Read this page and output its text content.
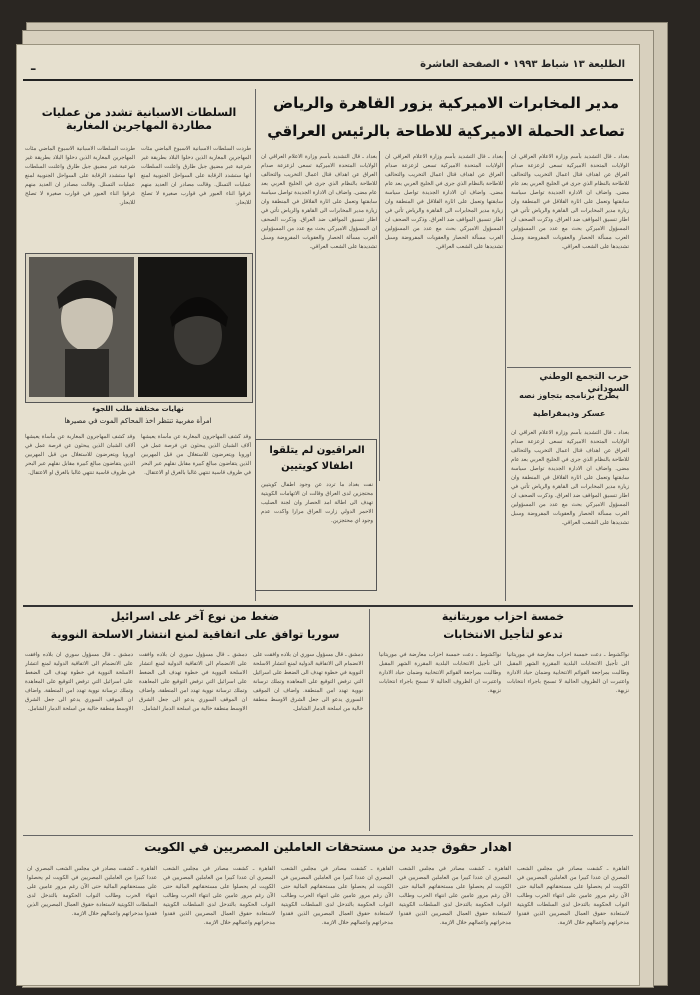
الطليعة ١٣ شباط ١٩٩٣ • الصفحة العاشرة
ـ
مدير المخابرات الاميركية يزور القاهرة والرياض
تصاعد الحملة الاميركية للاطاحة بالرئيس العراقي
بغداد ـ قال التشديد بأسم وزارة الاعلام العراقي ان الولايات المتحدة الاميركية تسعى لزعزعة صدام العراق عن اهداف قتال اعمال التخريب والتحالف للاطاحة بالنظام الذي جرى في الخليج العربي بعد عام مضى. واضاف ان الادارة الجديدة تواصل سياسة سابقتها وتعمل على اثارة القلاقل في المنطقة وان زيارة مدير المخابرات الى القاهرة والرياض تأتي في اطار تنسيق المواقف ضد العراق. وذكرت الصحف ان المسؤول الاميركي بحث مع عدد من المسؤولين العرب مسألة الحصار والعقوبات المفروضة وسبل تشديدها على الشعب العراقي.
بغداد ـ قال التشديد بأسم وزارة الاعلام العراقي ان الولايات المتحدة الاميركية تسعى لزعزعة صدام العراق عن اهداف قتال اعمال التخريب والتحالف للاطاحة بالنظام الذي جرى في الخليج العربي بعد عام مضى. واضاف ان الادارة الجديدة تواصل سياسة سابقتها وتعمل على اثارة القلاقل في المنطقة وان زيارة مدير المخابرات الى القاهرة والرياض تأتي في اطار تنسيق المواقف ضد العراق. وذكرت الصحف ان المسؤول الاميركي بحث مع عدد من المسؤولين العرب مسألة الحصار والعقوبات المفروضة وسبل تشديدها على الشعب العراقي.
بغداد ـ قال التشديد بأسم وزارة الاعلام العراقي ان الولايات المتحدة الاميركية تسعى لزعزعة صدام العراق عن اهداف قتال اعمال التخريب والتحالف للاطاحة بالنظام الذي جرى في الخليج العربي بعد عام مضى. واضاف ان الادارة الجديدة تواصل سياسة سابقتها وتعمل على اثارة القلاقل في المنطقة وان زيارة مدير المخابرات الى القاهرة والرياض تأتي في اطار تنسيق المواقف ضد العراق. وذكرت الصحف ان المسؤول الاميركي بحث مع عدد من المسؤولين العرب مسألة الحصار والعقوبات المفروضة وسبل تشديدها على الشعب العراقي.
حرب التجمع الوطني السوداني
يطرح برنامجه بتجاوز نصه
عسكر وديمقراطية
بغداد ـ قال التشديد بأسم وزارة الاعلام العراقي ان الولايات المتحدة الاميركية تسعى لزعزعة صدام العراق عن اهداف قتال اعمال التخريب والتحالف للاطاحة بالنظام الذي جرى في الخليج العربي بعد عام مضى. واضاف ان الادارة الجديدة تواصل سياسة سابقتها وتعمل على اثارة القلاقل في المنطقة وان زيارة مدير المخابرات الى القاهرة والرياض تأتي في اطار تنسيق المواقف ضد العراق. وذكرت الصحف ان المسؤول الاميركي بحث مع عدد من المسؤولين العرب مسألة الحصار والعقوبات المفروضة وسبل تشديدها على الشعب العراقي.
السلطات الاسبانية تشدد من عمليات مطاردة المهاجرين المغاربة
طردت السلطات الاسبانية الاسبوع الماضي مئات المهاجرين المغاربة الذين دخلوا البلاد بطريقة غير شرعية عبر مضيق جبل طارق واعلنت السلطات انها ستشدد الرقابة على السواحل الجنوبية لمنع عمليات التسلل. وقالت مصادر ان العديد منهم غرقوا اثناء العبور في قوارب صغيرة لا تصلح للابحار.
طردت السلطات الاسبانية الاسبوع الماضي مئات المهاجرين المغاربة الذين دخلوا البلاد بطريقة غير شرعية عبر مضيق جبل طارق واعلنت السلطات انها ستشدد الرقابة على السواحل الجنوبية لمنع عمليات التسلل. وقالت مصادر ان العديد منهم غرقوا اثناء العبور في قوارب صغيرة لا تصلح للابحار.
نهايات مختلفة طلب اللجوء
امرأة مغربية تنتظر اخذ المحاكم الموت في مصيرها
وقد كشف المهاجرون المغاربة عن مأساة يعيشها آلاف الشبان الذين يبحثون عن فرصة عمل في اوروبا ويتعرضون للاستغلال من قبل المهربين الذين يتقاضون مبالغ كبيرة مقابل نقلهم عبر البحر في ظروف قاسية تنتهي غالبا بالغرق او الاعتقال.
وقد كشف المهاجرون المغاربة عن مأساة يعيشها آلاف الشبان الذين يبحثون عن فرصة عمل في اوروبا ويتعرضون للاستغلال من قبل المهربين الذين يتقاضون مبالغ كبيرة مقابل نقلهم عبر البحر في ظروف قاسية تنتهي غالبا بالغرق او الاعتقال.
العراقيون لم يتلقوا
اطفالا كويتيين
نفت بغداد ما تردد عن وجود اطفال كويتيين محتجزين لدى العراق وقالت ان الاتهامات الكويتية تهدف الى اطالة امد الحصار وان لجنة الصليب الاحمر الدولي زارت العراق مرارا واكدت عدم وجود اي محتجزين.
ضغط من نوع آخر على اسرائيل
سوريا توافق على اتفاقية لمنع انتشار الاسلحة النووية
دمشق ـ قال مسؤول سوري ان بلاده وافقت على الانضمام الى الاتفاقية الدولية لمنع انتشار الاسلحة النووية في خطوة تهدف الى الضغط على اسرائيل التي ترفض التوقيع على المعاهدة وتملك ترسانة نووية تهدد امن المنطقة. واضاف ان الموقف السوري يدعو الى جعل الشرق الاوسط منطقة خالية من اسلحة الدمار الشامل.
دمشق ـ قال مسؤول سوري ان بلاده وافقت على الانضمام الى الاتفاقية الدولية لمنع انتشار الاسلحة النووية في خطوة تهدف الى الضغط على اسرائيل التي ترفض التوقيع على المعاهدة وتملك ترسانة نووية تهدد امن المنطقة. واضاف ان الموقف السوري يدعو الى جعل الشرق الاوسط منطقة خالية من اسلحة الدمار الشامل.
دمشق ـ قال مسؤول سوري ان بلاده وافقت على الانضمام الى الاتفاقية الدولية لمنع انتشار الاسلحة النووية في خطوة تهدف الى الضغط على اسرائيل التي ترفض التوقيع على المعاهدة وتملك ترسانة نووية تهدد امن المنطقة. واضاف ان الموقف السوري يدعو الى جعل الشرق الاوسط منطقة خالية من اسلحة الدمار الشامل.
خمسة احزاب موريتانية
تدعو لتأجيل الانتخابات
نواكشوط ـ دعت خمسة احزاب معارضة في موريتانيا الى تأجيل الانتخابات البلدية المقررة الشهر المقبل وطالبت بمراجعة القوائم الانتخابية وضمان حياد الادارة واعتبرت ان الظروف الحالية لا تسمح باجراء انتخابات نزيهة.
نواكشوط ـ دعت خمسة احزاب معارضة في موريتانيا الى تأجيل الانتخابات البلدية المقررة الشهر المقبل وطالبت بمراجعة القوائم الانتخابية وضمان حياد الادارة واعتبرت ان الظروف الحالية لا تسمح باجراء انتخابات نزيهة.
اهدار حقوق جديد من مستحقات العاملين المصريين في الكويت
القاهرة ـ كشفت مصادر في مجلس الشعب المصري ان عددا كبيرا من العاملين المصريين في الكويت لم يحصلوا على مستحقاتهم المالية حتى الآن رغم مرور عامين على انتهاء الحرب وطالب النواب الحكومة بالتدخل لدى السلطات الكويتية لاستعادة حقوق العمال المصريين الذين فقدوا مدخراتهم واعمالهم خلال الازمة.
القاهرة ـ كشفت مصادر في مجلس الشعب المصري ان عددا كبيرا من العاملين المصريين في الكويت لم يحصلوا على مستحقاتهم المالية حتى الآن رغم مرور عامين على انتهاء الحرب وطالب النواب الحكومة بالتدخل لدى السلطات الكويتية لاستعادة حقوق العمال المصريين الذين فقدوا مدخراتهم واعمالهم خلال الازمة.
القاهرة ـ كشفت مصادر في مجلس الشعب المصري ان عددا كبيرا من العاملين المصريين في الكويت لم يحصلوا على مستحقاتهم المالية حتى الآن رغم مرور عامين على انتهاء الحرب وطالب النواب الحكومة بالتدخل لدى السلطات الكويتية لاستعادة حقوق العمال المصريين الذين فقدوا مدخراتهم واعمالهم خلال الازمة.
القاهرة ـ كشفت مصادر في مجلس الشعب المصري ان عددا كبيرا من العاملين المصريين في الكويت لم يحصلوا على مستحقاتهم المالية حتى الآن رغم مرور عامين على انتهاء الحرب وطالب النواب الحكومة بالتدخل لدى السلطات الكويتية لاستعادة حقوق العمال المصريين الذين فقدوا مدخراتهم واعمالهم خلال الازمة.
القاهرة ـ كشفت مصادر في مجلس الشعب المصري ان عددا كبيرا من العاملين المصريين في الكويت لم يحصلوا على مستحقاتهم المالية حتى الآن رغم مرور عامين على انتهاء الحرب وطالب النواب الحكومة بالتدخل لدى السلطات الكويتية لاستعادة حقوق العمال المصريين الذين فقدوا مدخراتهم واعمالهم خلال الازمة.
